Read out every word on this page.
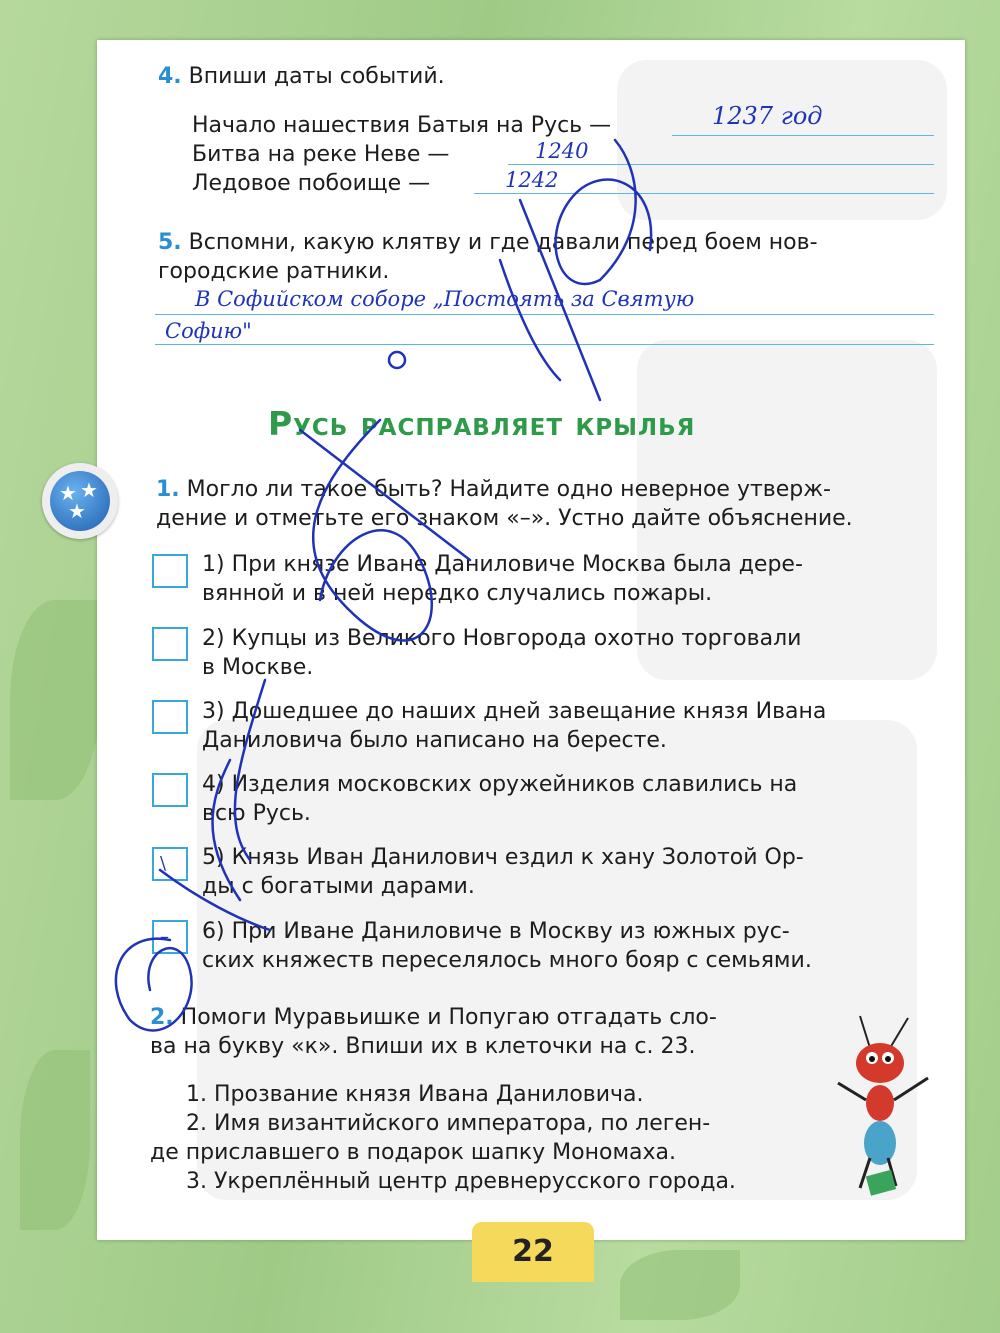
4. Впиши даты событий.
Начало нашествия Батыя на Русь —	1237 год
Битва на реке Неве —	1240
Ледовое побоище —	1242
5. Вспомни, какую клятву и где давали перед боем нов-
городские ратники.
В Софийском соборе „Постоять за Святую
Софию"
Русь расправляет крылья
★ ★
★
1. Могло ли такое быть? Найдите одно неверное утверж-
дение и отметьте его знаком «–». Устно дайте объяснение.
1) При князе Иване Даниловиче Москва была дере-
вянной и в ней нередко случались пожары.
2) Купцы из Великого Новгорода охотно торговали
в Москве.
3) Дошедшее до наших дней завещание князя Ивана
Даниловича было написано на бересте.
4) Изделия московских оружейников славились на
всю Русь.
\ 5) Князь Иван Данилович ездил к хану Золотой Ор-
ды с богатыми дарами.
– 6) При Иване Даниловиче в Москву из южных рус-
ских княжеств переселялось много бояр с семьями.
2. Помоги Муравьишке и Попугаю отгадать сло-
ва на букву «к». Впиши их в клеточки на с. 23.
1. Прозвание князя Ивана Даниловича.
2. Имя византийского императора, по леген-
де приславшего в подарок шапку Мономаха.
3. Укреплённый центр древнерусского города.
22
